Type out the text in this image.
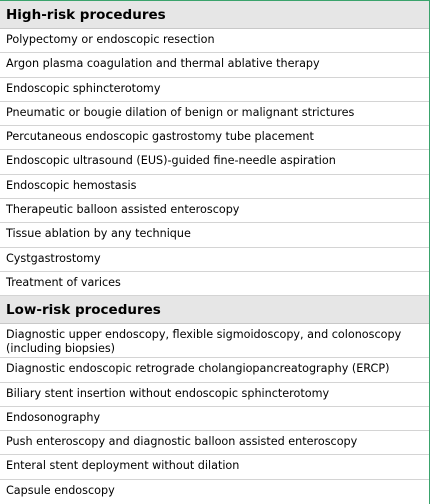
High-risk procedures
Polypectomy or endoscopic resection
Argon plasma coagulation and thermal ablative therapy
Endoscopic sphincterotomy
Pneumatic or bougie dilation of benign or malignant strictures
Percutaneous endoscopic gastrostomy tube placement
Endoscopic ultrasound (EUS)-guided fine-needle aspiration
Endoscopic hemostasis
Therapeutic balloon assisted enteroscopy
Tissue ablation by any technique
Cystgastrostomy
Treatment of varices
Low-risk procedures
Diagnostic upper endoscopy, flexible sigmoidoscopy, and colonoscopy (including biopsies)
Diagnostic endoscopic retrograde cholangiopancreatography (ERCP)
Biliary stent insertion without endoscopic sphincterotomy
Endosonography
Push enteroscopy and diagnostic balloon assisted enteroscopy
Enteral stent deployment without dilation
Capsule endoscopy
